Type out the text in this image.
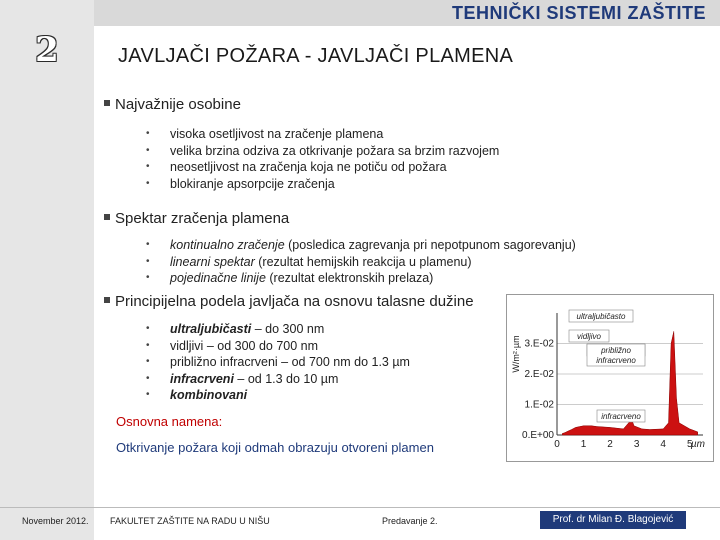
2
TEHNIČKI SISTEMI ZAŠTITE
JAVLJAČI POŽARA - JAVLJAČI PLAMENA
Najvažnije osobine
• visoka osetljivost na zračenje plamena
• velika brzina odziva za otkrivanje požara sa brzim razvojem
• neosetljivost na zračenja koja ne potiču od požara
• blokiranje apsorpcije zračenja
Spektar zračenja plamena
• kontinualno zračenje (posledica zagrevanja pri nepotpunom sagorevanju)
• linearni spektar (rezultat hemijskih reakcija u plamenu)
• pojedinačne linije (rezultat elektronskih prelaza)
Principijelna podela javljača na osnovu talasne dužine
• ultraljubičasti – do 300 nm
• vidljivi – od 300 do 700 nm
• približno infracrveni – od 700 nm do 1.3 µm
• infracrveni – od 1.3 do 10 µm
• kombinovani
Osnovna namena:
Otkrivanje požara koji odmah obrazuju otvoreni plamen
0.E+00
1.E-02
2.E-02
3.E-02
0 1 2 3 4 5
µm
W/m²·µm
ultraljubičasto
vidljivo
približno
infracrveno
infracrveno
November 2012. FAKULTET ZAŠTITE NA RADU U NIŠU	Predavanje 2.	Prof. dr Milan Đ. Blagojević
